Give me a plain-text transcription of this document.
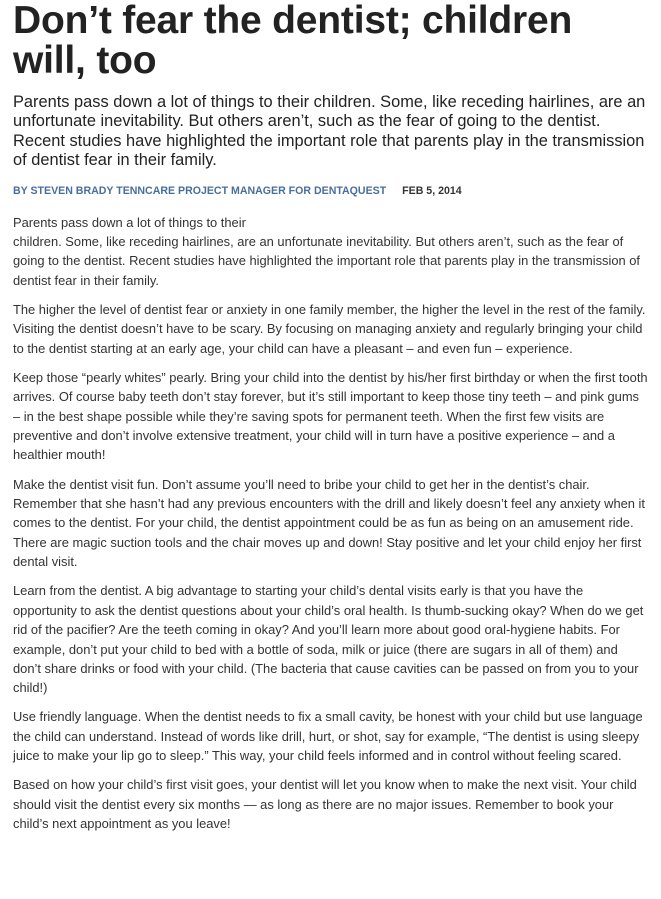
Don’t fear the dentist; children will, too

Parents pass down a lot of things to their children. Some, like receding hairlines, are an unfortunate inevitability. But others aren’t, such as the fear of going to the dentist. Recent studies have highlighted the important role that parents play in the transmission of dentist fear in their family.

BY STEVEN BRADY TENNCARE PROJECT MANAGER FOR DENTAQUEST FEB 5, 2014

Parents pass down a lot of things to their
children. Some, like receding hairlines, are an unfortunate inevitability. But others aren’t, such as the fear of going to the dentist. Recent studies have highlighted the important role that parents play in the transmission of dentist fear in their family.

The higher the level of dentist fear or anxiety in one family member, the higher the level in the rest of the family. Visiting the dentist doesn’t have to be scary. By focusing on managing anxiety and regularly bringing your child to the dentist starting at an early age, your child can have a pleasant – and even fun – experience.

Keep those “pearly whites” pearly. Bring your child into the dentist by his/her first birthday or when the first tooth arrives. Of course baby teeth don’t stay forever, but it’s still important to keep those tiny teeth – and pink gums – in the best shape possible while they’re saving spots for permanent teeth. When the first few visits are preventive and don’t involve extensive treatment, your child will in turn have a positive experience – and a healthier mouth!

Make the dentist visit fun. Don’t assume you’ll need to bribe your child to get her in the dentist’s chair. Remember that she hasn’t had any previous encounters with the drill and likely doesn’t feel any anxiety when it comes to the dentist. For your child, the dentist appointment could be as fun as being on an amusement ride. There are magic suction tools and the chair moves up and down! Stay positive and let your child enjoy her first dental visit.

Learn from the dentist. A big advantage to starting your child’s dental visits early is that you have the opportunity to ask the dentist questions about your child’s oral health. Is thumb-sucking okay? When do we get rid of the pacifier? Are the teeth coming in okay? And you’ll learn more about good oral-hygiene habits. For example, don’t put your child to bed with a bottle of soda, milk or juice (there are sugars in all of them) and don’t share drinks or food with your child. (The bacteria that cause cavities can be passed on from you to your child!)

Use friendly language. When the dentist needs to fix a small cavity, be honest with your child but use language the child can understand. Instead of words like drill, hurt, or shot, say for example, “The dentist is using sleepy juice to make your lip go to sleep.” This way, your child feels informed and in control without feeling scared.

Based on how your child’s first visit goes, your dentist will let you know when to make the next visit. Your child should visit the dentist every six months — as long as there are no major issues. Remember to book your child’s next appointment as you leave!
